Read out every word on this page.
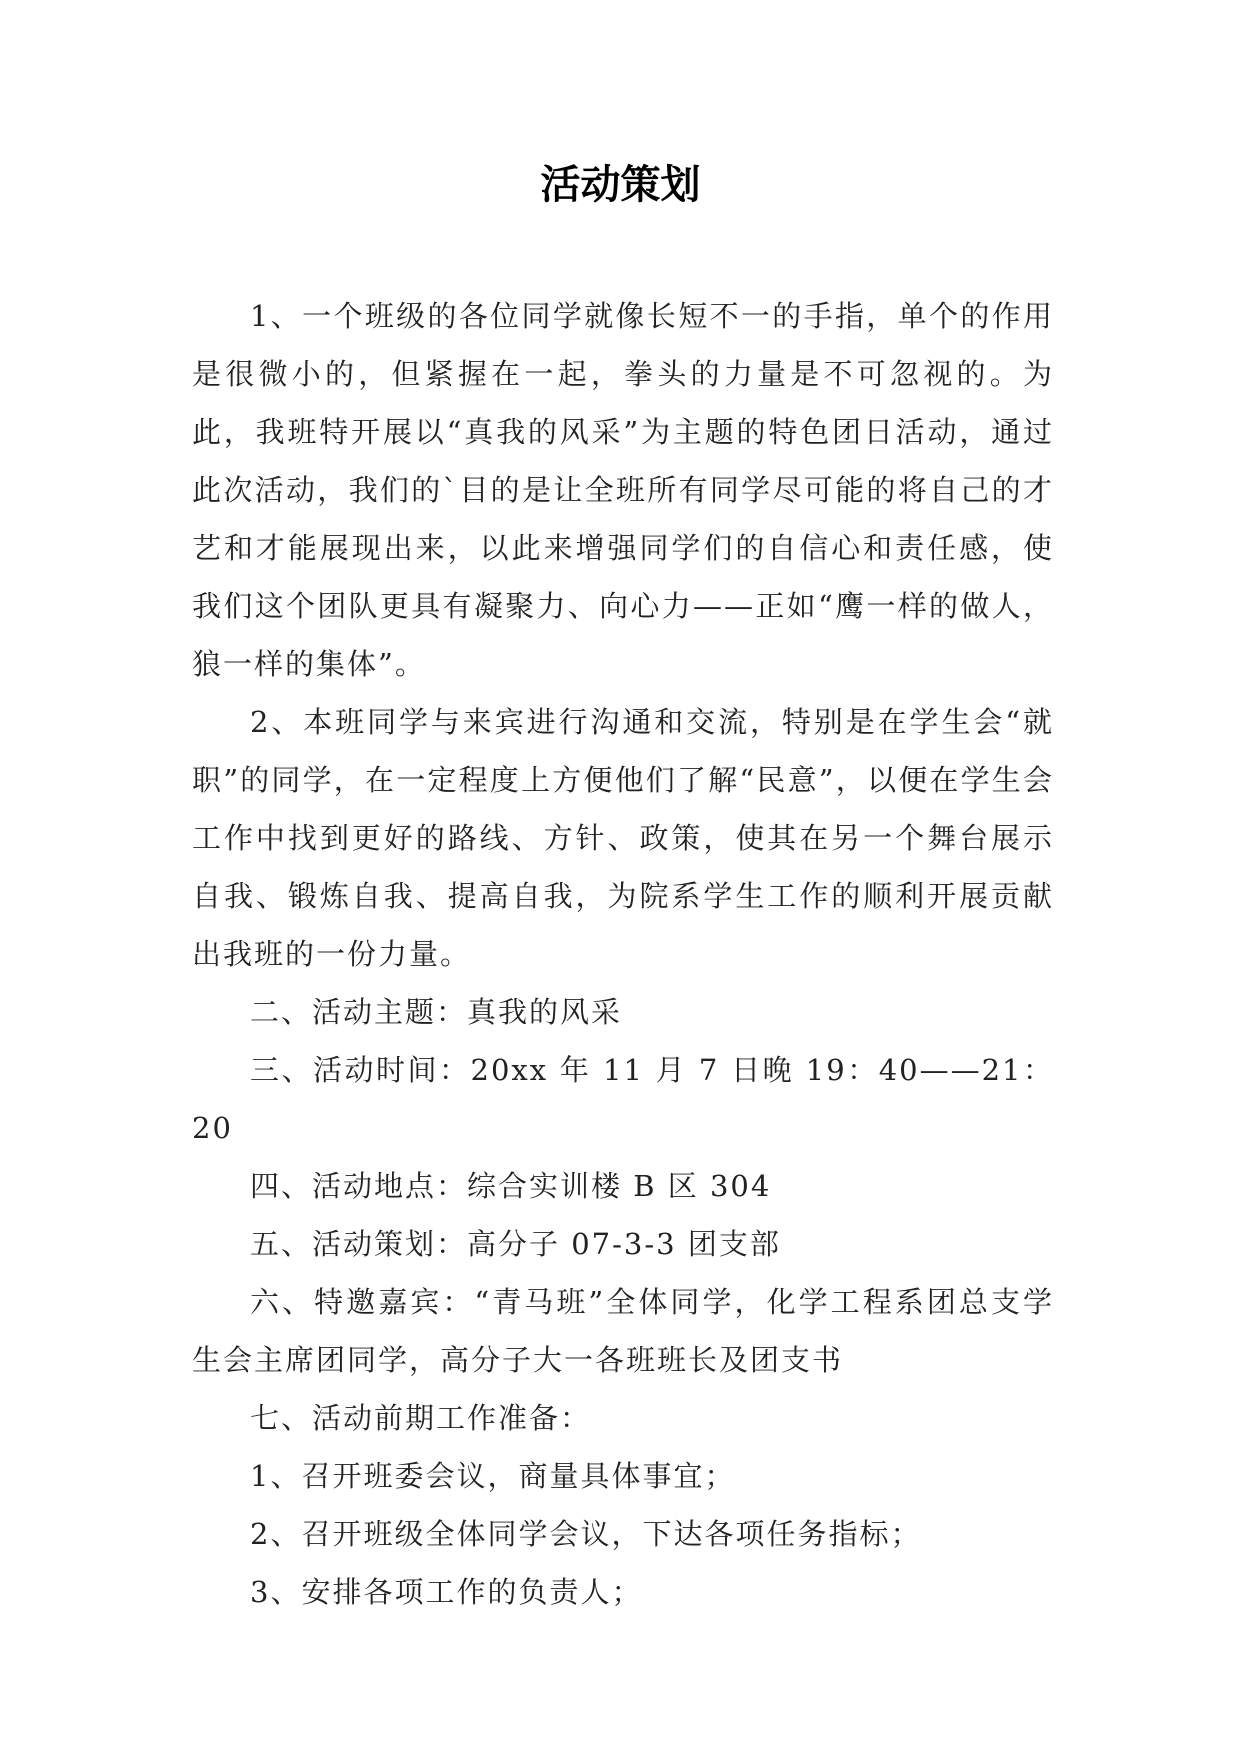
活动策划

1、一个班级的各位同学就像长短不一的手指，单个的作用是很微小的，但紧握在一起，拳头的力量是不可忽视的。为此，我班特开展以“真我的风采”为主题的特色团日活动，通过此次活动，我们的`目的是让全班所有同学尽可能的将自己的才艺和才能展现出来，以此来增强同学们的自信心和责任感，使我们这个团队更具有凝聚力、向心力——正如“鹰一样的做人，狼一样的集体”。

2、本班同学与来宾进行沟通和交流，特别是在学生会“就职”的同学，在一定程度上方便他们了解“民意”，以便在学生会工作中找到更好的路线、方针、政策，使其在另一个舞台展示自我、锻炼自我、提高自我，为院系学生工作的顺利开展贡献出我班的一份力量。

二、活动主题：真我的风采

三、活动时间：20xx 年 11 月 7 日晚 19：40——21：20

四、活动地点：综合实训楼 B 区 304

五、活动策划：高分子 07-3-3 团支部

六、特邀嘉宾：“青马班”全体同学，化学工程系团总支学生会主席团同学，高分子大一各班班长及团支书

七、活动前期工作准备：

1、召开班委会议，商量具体事宜；

2、召开班级全体同学会议，下达各项任务指标；

3、安排各项工作的负责人；
